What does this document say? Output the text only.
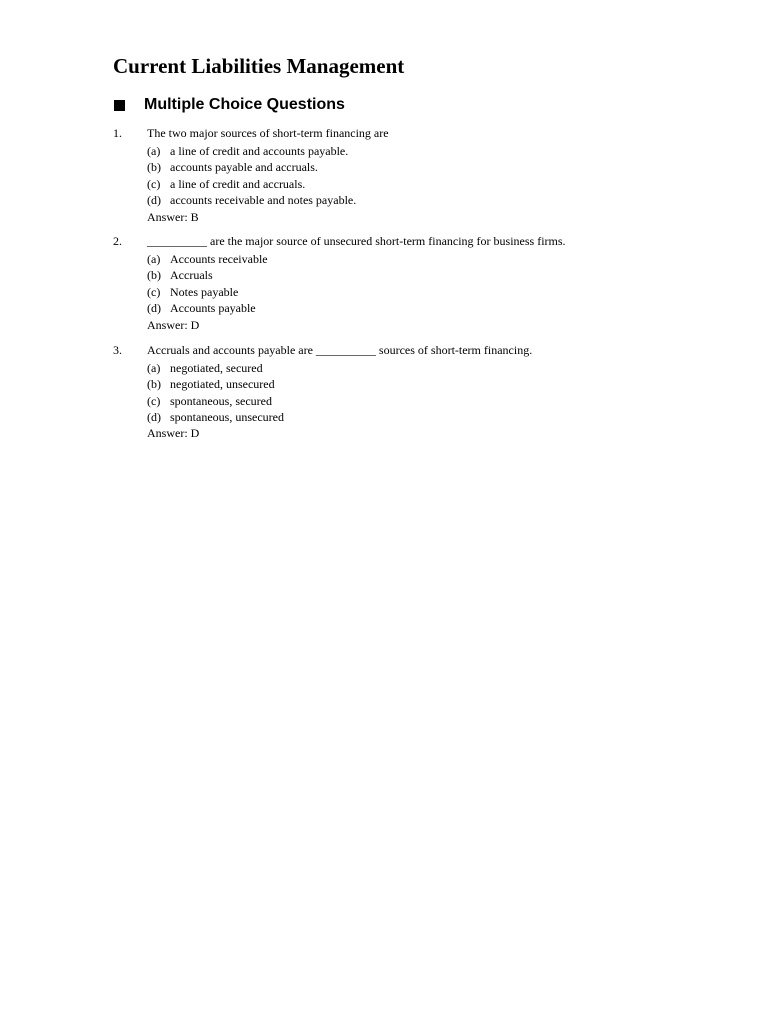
Current Liabilities Management
Multiple Choice Questions
1. The two major sources of short-term financing are
(a) a line of credit and accounts payable.
(b) accounts payable and accruals.
(c) a line of credit and accruals.
(d) accounts receivable and notes payable.
Answer: B
2. __________ are the major source of unsecured short-term financing for business firms.
(a) Accounts receivable
(b) Accruals
(c) Notes payable
(d) Accounts payable
Answer: D
3. Accruals and accounts payable are __________ sources of short-term financing.
(a) negotiated, secured
(b) negotiated, unsecured
(c) spontaneous, secured
(d) spontaneous, unsecured
Answer: D
